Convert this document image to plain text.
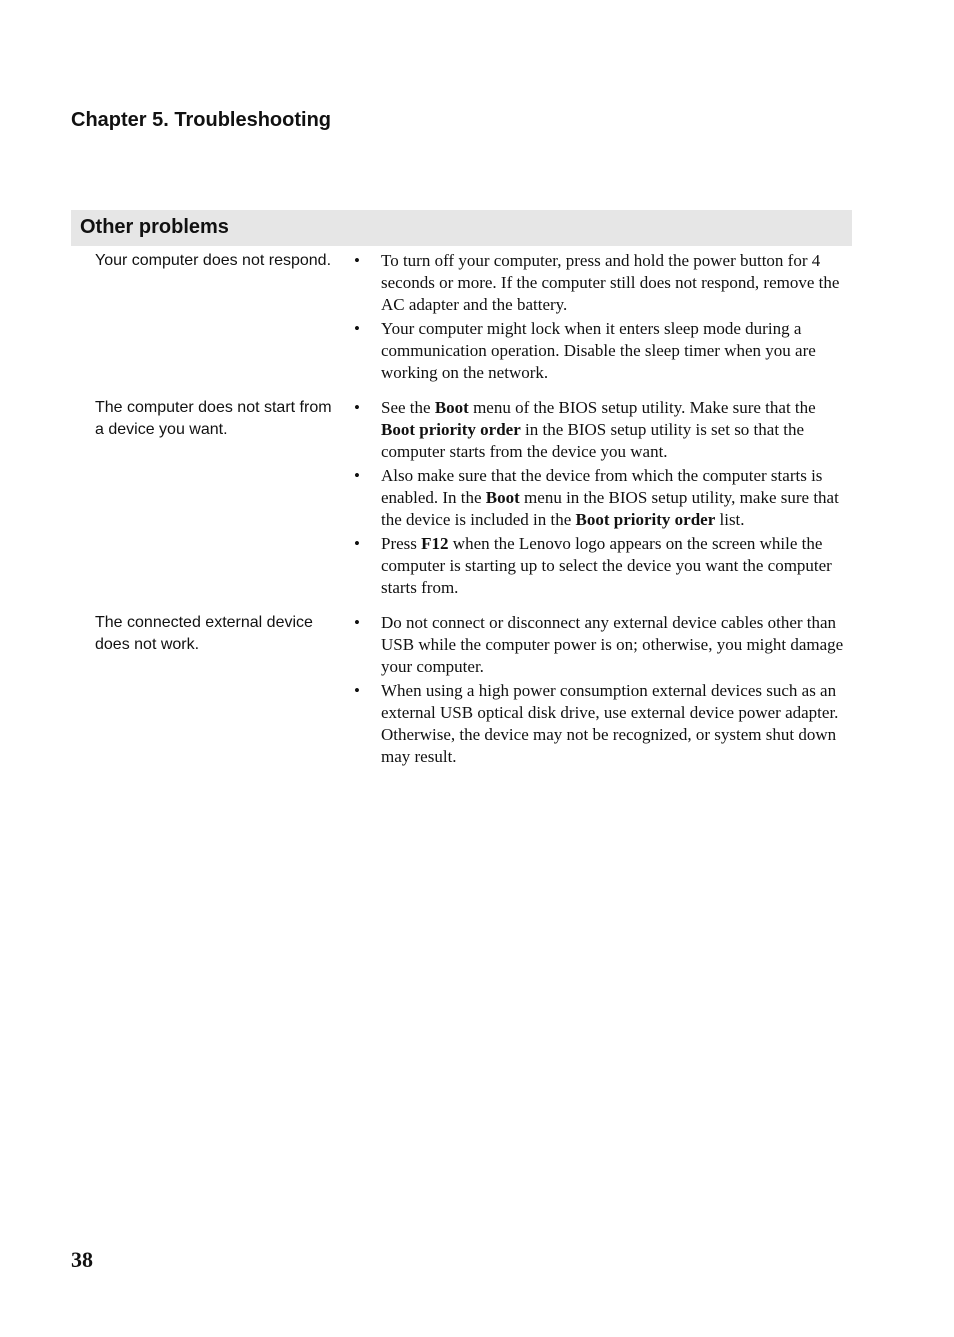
Chapter 5. Troubleshooting
Other problems
Your computer does not respond.	• To turn off your computer, press and hold the power button for 4 seconds or more. If the computer still does not respond, remove the AC adapter and the battery.
• Your computer might lock when it enters sleep mode during a communication operation. Disable the sleep timer when you are working on the network.
The computer does not start from a device you want.
• See the Boot menu of the BIOS setup utility. Make sure that the Boot priority order in the BIOS setup utility is set so that the computer starts from the device you want.
• Also make sure that the device from which the computer starts is enabled. In the Boot menu in the BIOS setup utility, make sure that the device is included in the Boot priority order list.
• Press F12 when the Lenovo logo appears on the screen while the computer is starting up to select the device you want the computer starts from.
The connected external device does not work.
• Do not connect or disconnect any external device cables other than USB while the computer power is on; otherwise, you might damage your computer.
• When using a high power consumption external devices such as an external USB optical disk drive, use external device power adapter. Otherwise, the device may not be recognized, or system shut down may result.
38
